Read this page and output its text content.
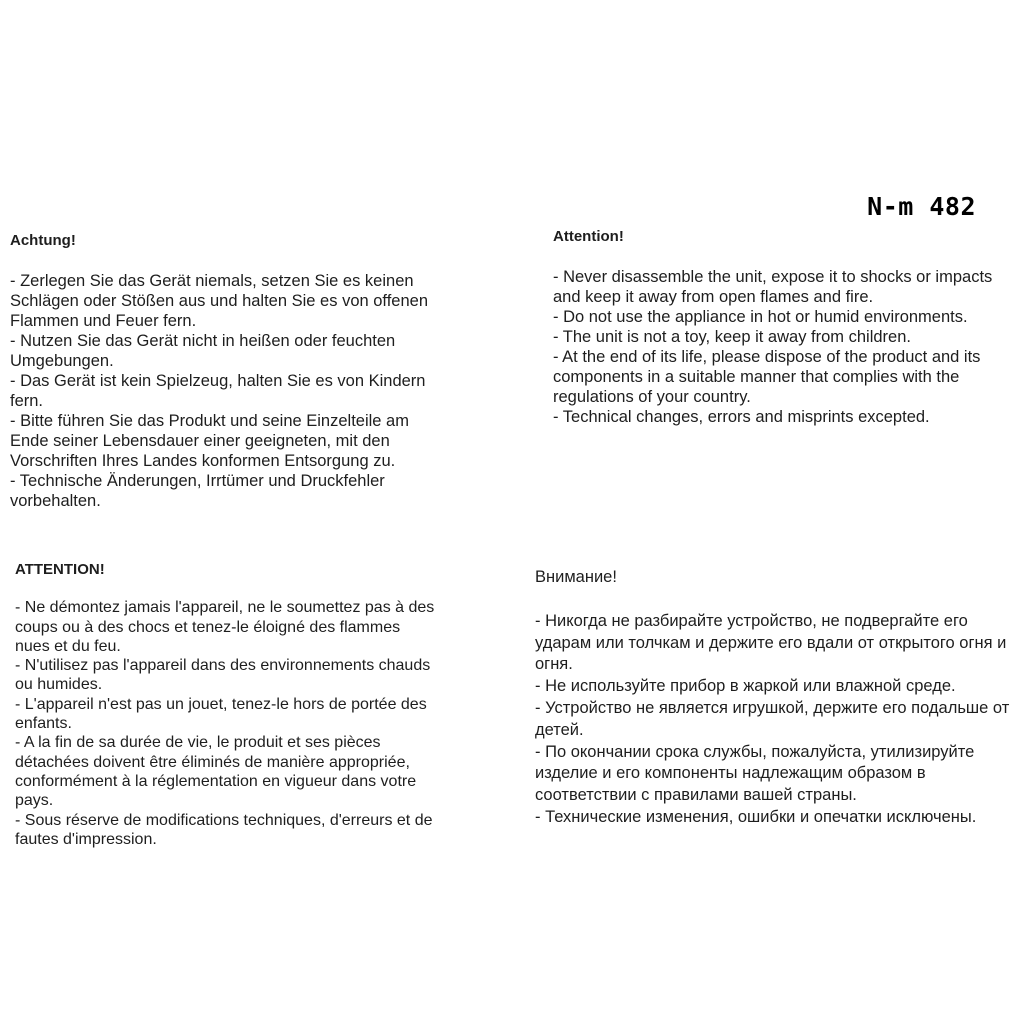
N-m 482
Achtung!

- Zerlegen Sie das Gerät niemals, setzen Sie es keinen Schlägen oder Stößen aus und halten Sie es von offenen Flammen und Feuer fern.

- Nutzen Sie das Gerät nicht in heißen oder feuchten Umgebungen.

- Das Gerät ist kein Spielzeug, halten Sie es von Kindern fern.

- Bitte führen Sie das Produkt und seine Einzelteile am Ende seiner Lebensdauer einer geeigneten, mit den Vorschriften Ihres Landes konformen Entsorgung zu.

- Technische Änderungen, Irrtümer und Druckfehler vorbehalten.

Attention!

- Never disassemble the unit, expose it to shocks or impacts and keep it away from open flames and fire.

- Do not use the appliance in hot or humid environments.

- The unit is not a toy, keep it away from children.

- At the end of its life, please dispose of the product and its components in a suitable manner that complies with the regulations of your country.

- Technical changes, errors and misprints excepted.

ATTENTION!

- Ne démontez jamais l'appareil, ne le soumettez pas à des coups ou à des chocs et tenez-le éloigné des flammes nues et du feu.

- N'utilisez pas l'appareil dans des environnements chauds ou humides.

- L'appareil n'est pas un jouet, tenez-le hors de portée des enfants.

- A la fin de sa durée de vie, le produit et ses pièces détachées doivent être éliminés de manière appropriée, conformément à la réglementation en vigueur dans votre pays.

- Sous réserve de modifications techniques, d'erreurs et de fautes d'impression.

Внимание!

- Никогда не разбирайте устройство, не подвергайте его ударам или толчкам и держите его вдали от открытого огня и огня.

- Не используйте прибор в жаркой или влажной среде.

- Устройство не является игрушкой, держите его подальше от детей.

- По окончании срока службы, пожалуйста, утилизируйте изделие и его компоненты надлежащим образом в соответствии с правилами вашей страны.

- Технические изменения, ошибки и опечатки исключены.
